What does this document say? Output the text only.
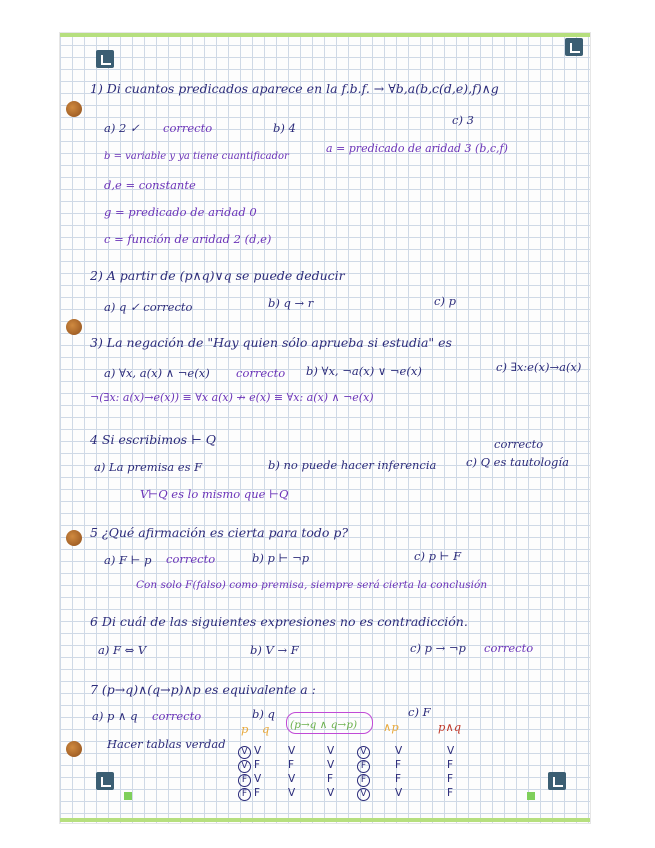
1) Di cuantos predicados aparece en la f.b.f. → ∀b,a(b,c(d,e),f)∧g
a) 2 ✓ correcto	b) 4
c) 3
b = variable y ya tiene cuantificador
a = predicado de aridad 3 (b,c,f)
d,e = constante
g = predicado de aridad 0
c = función de aridad 2 (d,e)
2) A partir de (p∧q)∨q se puede deducir
a) q ✓ correcto	b) q → r	c) p
3) La negación de "Hay quien sólo aprueba si estudia" es
a) ∀x, a(x) ∧ ¬e(x) correcto b) ∀x, ¬a(x) ∨ ¬e(x)	c) ∃x:e(x)→a(x)
¬(∃x: a(x)→e(x)) ≡ ∀x a(x) ↛ e(x) ≡ ∀x: a(x) ∧ ¬e(x)
4 Si escribimos ⊢ Q	correcto
a) La premisa es F	b) no puede hacer inferencia	c) Q es tautología
V⊢Q es lo mismo que ⊢Q
5 ¿Qué afirmación es cierta para todo p?
a) F ⊢ p correcto	b) p ⊢ ¬p	c) p ⊢ F
Con solo F(falso) como premisa, siempre será cierta la conclusión
6 Di cuál de las siguientes expresiones no es contradicción.
a) F ⇔ V	b) V → F	c) p → ¬p correcto
7 (p→q)∧(q→p)∧p es equivalente a :
a) p ∧ q correcto	b) q	c) F
Hacer tablas verdad
p q (p→q ∧ q→p) ∧p	p∧q
V V	V	V	V	V	V
V F	F	V	F	F	F
F V	V	F	F	F	F
F F	V	V	V	V	F
